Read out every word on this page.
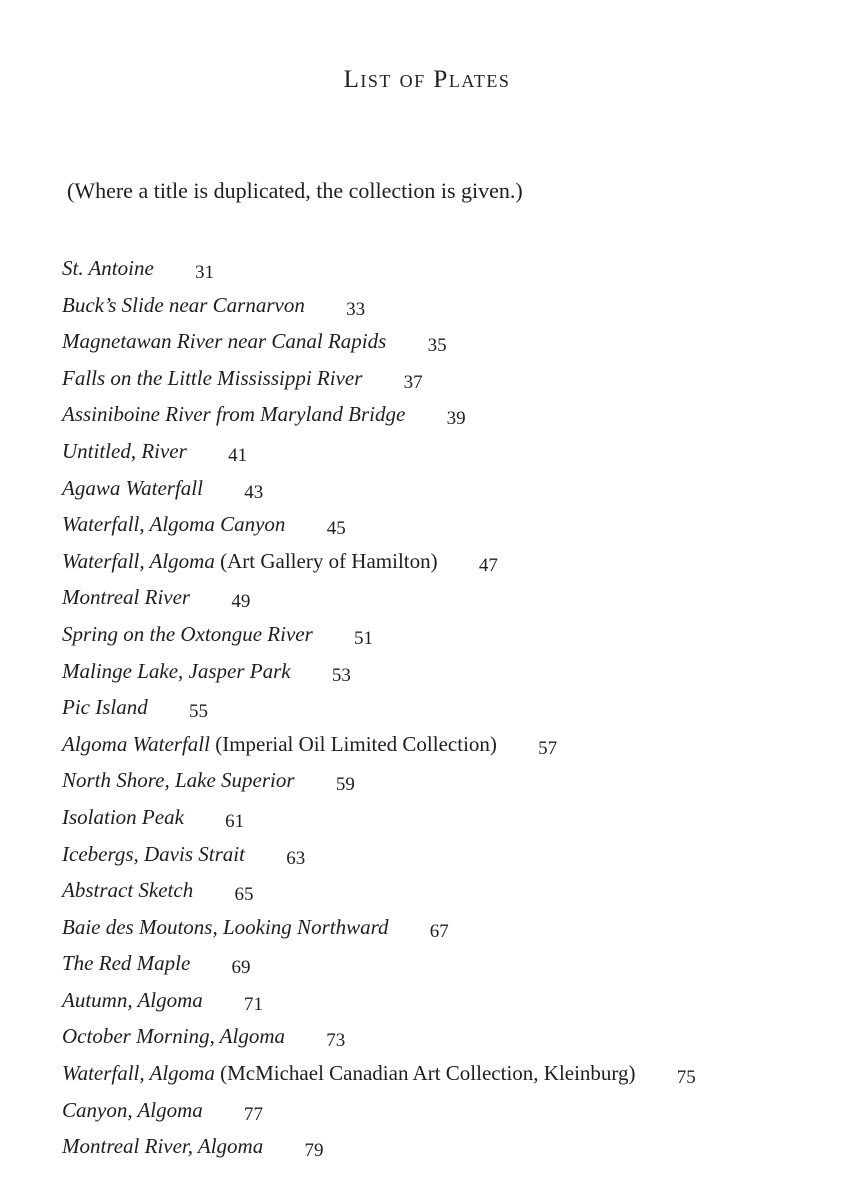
List of Plates
(Where a title is duplicated, the collection is given.)
St. Antoine 31
Buck’s Slide near Carnarvon 33
Magnetawan River near Canal Rapids 35
Falls on the Little Mississippi River 37
Assiniboine River from Maryland Bridge 39
Untitled, River 41
Agawa Waterfall 43
Waterfall, Algoma Canyon 45
Waterfall, Algoma (Art Gallery of Hamilton) 47
Montreal River 49
Spring on the Oxtongue River 51
Malinge Lake, Jasper Park 53
Pic Island 55
Algoma Waterfall (Imperial Oil Limited Collection) 57
North Shore, Lake Superior 59
Isolation Peak 61
Icebergs, Davis Strait 63
Abstract Sketch 65
Baie des Moutons, Looking Northward 67
The Red Maple 69
Autumn, Algoma 71
October Morning, Algoma 73
Waterfall, Algoma (McMichael Canadian Art Collection, Kleinburg) 75
Canyon, Algoma 77
Montreal River, Algoma 79
